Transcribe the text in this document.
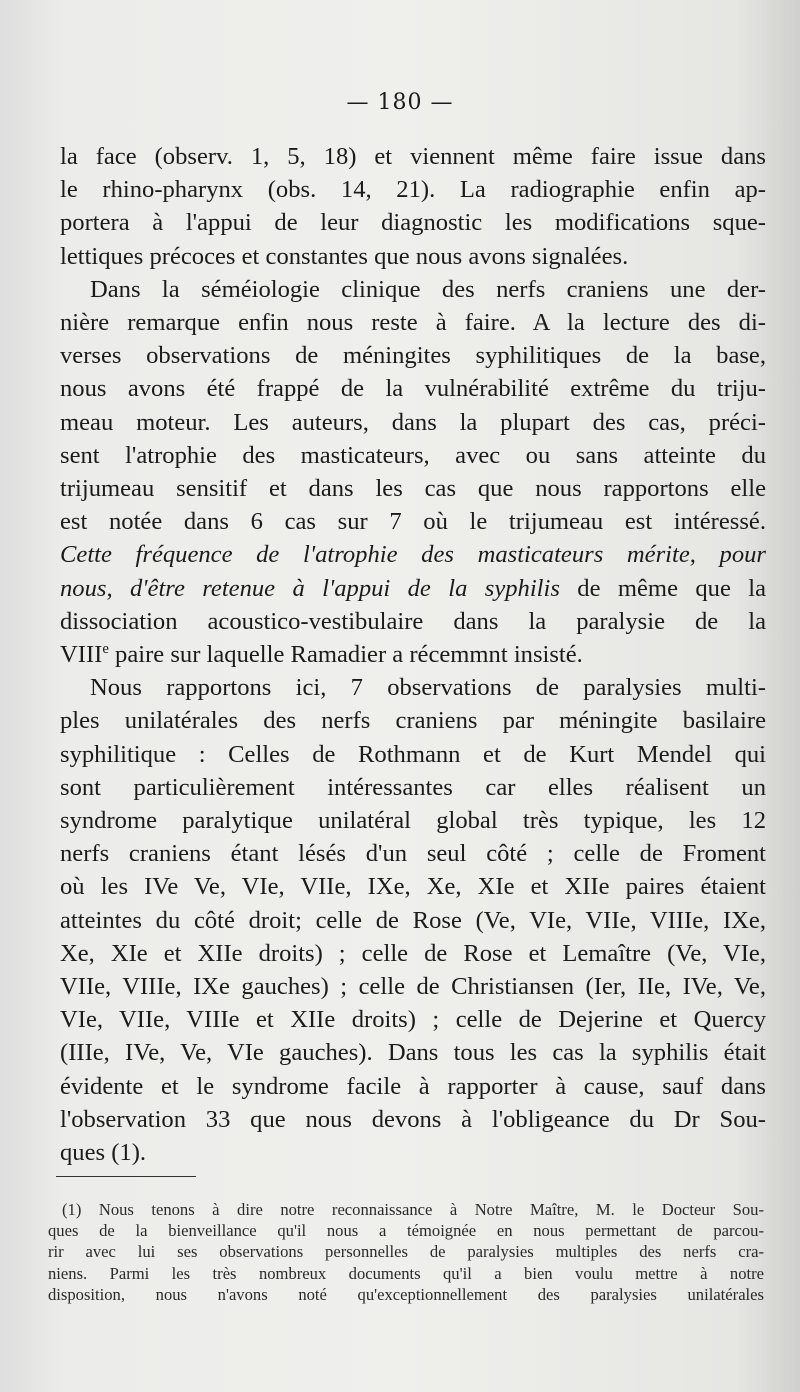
— 180 —
la face (observ. 1, 5, 18) et viennent même faire issue dans
le rhino-pharynx (obs. 14, 21). La radiographie enfin ap-
portera à l'appui de leur diagnostic les modifications sque-
lettiques précoces et constantes que nous avons signalées.
Dans la séméiologie clinique des nerfs craniens une der-
nière remarque enfin nous reste à faire. A la lecture des di-
verses observations de méningites syphilitiques de la base,
nous avons été frappé de la vulnérabilité extrême du triju-
meau moteur. Les auteurs, dans la plupart des cas, préci-
sent l'atrophie des masticateurs, avec ou sans atteinte du
trijumeau sensitif et dans les cas que nous rapportons elle
est notée dans 6 cas sur 7 où le trijumeau est intéressé.
Cette fréquence de l'atrophie des masticateurs mérite, pour
nous, d'être retenue à l'appui de la syphilis de même que la
dissociation acoustico-vestibulaire dans la paralysie de la
VIIIe paire sur laquelle Ramadier a récemmnt insisté.
Nous rapportons ici, 7 observations de paralysies multi-
ples unilatérales des nerfs craniens par méningite basilaire
syphilitique : Celles de Rothmann et de Kurt Mendel qui
sont particulièrement intéressantes car elles réalisent un
syndrome paralytique unilatéral global très typique, les 12
nerfs craniens étant lésés d'un seul côté ; celle de Froment
où les IVe Ve, VIe, VIIe, IXe, Xe, XIe et XIIe paires étaient
atteintes du côté droit; celle de Rose (Ve, VIe, VIIe, VIIIe, IXe,
Xe, XIe et XIIe droits) ; celle de Rose et Lemaître (Ve, VIe,
VIIe, VIIIe, IXe gauches) ; celle de Christiansen (Ier, IIe, IVe, Ve,
VIe, VIIe, VIIIe et XIIe droits) ; celle de Dejerine et Quercy
(IIIe, IVe, Ve, VIe gauches). Dans tous les cas la syphilis était
évidente et le syndrome facile à rapporter à cause, sauf dans
l'observation 33 que nous devons à l'obligeance du Dr Sou-
ques (1).
(1) Nous tenons à dire notre reconnaissance à Notre Maître, M. le Docteur Sou-
ques de la bienveillance qu'il nous a témoignée en nous permettant de parcou-
rir avec lui ses observations personnelles de paralysies multiples des nerfs cra-
niens. Parmi les très nombreux documents qu'il a bien voulu mettre à notre
disposition, nous n'avons noté qu'exceptionnellement des paralysies unilatérales
